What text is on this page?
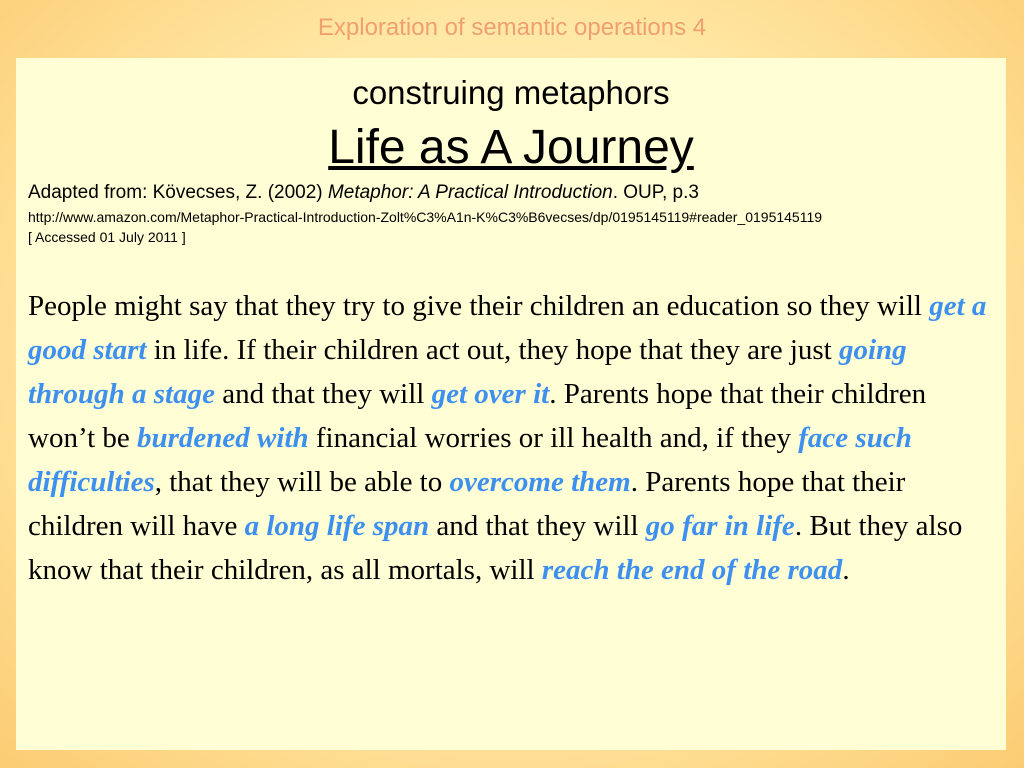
Exploration of semantic operations 4
construing metaphors
Life as A Journey
Adapted from: Kövecses, Z. (2002) Metaphor: A Practical Introduction. OUP, p.3
http://www.amazon.com/Metaphor-Practical-Introduction-Zolt%C3%A1n-K%C3%B6vecses/dp/0195145119#reader_0195145119
[ Accessed 01 July 2011 ]
People might say that they try to give their children an education so they will get a good start in life. If their children act out, they hope that they are just going through a stage and that they will get over it. Parents hope that their children won’t be burdened with financial worries or ill health and, if they face such difficulties, that they will be able to overcome them. Parents hope that their children will have a long life span and that they will go far in life. But they also know that their children, as all mortals, will reach the end of the road.
